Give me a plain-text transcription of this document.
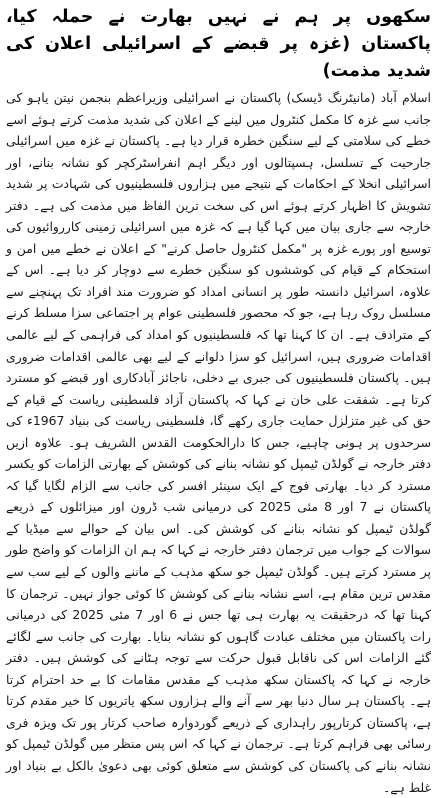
سکھوں پر ہم نے نہیں بھارت نے حملہ کیا، پاکستان (غزہ پر قبضے کے اسرائیلی اعلان کی شدید مذمت)

اسلام آباد (مانیٹرنگ ڈیسک) پاکستان نے اسرائیلی وزیراعظم بنجمن نیتن یاہو کی جانب سے غزہ کا مکمل کنٹرول میں لینے کے اعلان کی شدید مذمت کرتے ہوئے اسے خطے کی سلامتی کے لیے سنگین خطرہ قرار دیا ہے۔ پاکستان نے غزہ میں اسرائیلی جارحیت کے تسلسل، ہسپتالوں اور دیگر اہم انفراسٹرکچر کو نشانہ بنانے، اور اسرائیلی انخلا کے احکامات کے نتیجے میں ہزاروں فلسطینیوں کی شہادت پر شدید تشویش کا اظہار کرتے ہوئے اس کی سخت ترین الفاظ میں مذمت کی ہے۔ دفتر خارجہ سے جاری بیان میں کہا گیا ہے کہ غزہ میں اسرائیلی زمینی کارروائیوں کی توسیع اور پورے غزہ پر "مکمل کنٹرول حاصل کرنے" کے اعلان نے خطے میں امن و استحکام کے قیام کی کوششوں کو سنگین خطرے سے دوچار کر دیا ہے۔ اس کے علاوہ، اسرائیل دانستہ طور پر انسانی امداد کو ضرورت مند افراد تک پہنچنے سے مسلسل روک رہا ہے، جو کہ محصور فلسطینی عوام پر اجتماعی سزا مسلط کرنے کے مترادف ہے۔ ان کا کہنا تھا کہ فلسطینیوں کو امداد کی فراہمی کے لیے عالمی اقدامات ضروری ہیں، اسرائیل کو سزا دلوانے کے لیے بھی عالمی اقدامات ضروری ہیں۔ پاکستان فلسطینیوں کی جبری بے دخلی، ناجائز آبادکاری اور قبضے کو مسترد کرتا ہے۔ شفقت علی خان نے کہا کہ پاکستان آزاد فلسطینی ریاست کے قیام کے حق کی غیر متزلزل حمایت جاری رکھے گا، فلسطینی ریاست کی بنیاد 1967ء کی سرحدوں پر ہونی چاہیے، جس کا دارالحکومت القدس الشریف ہو۔ علاوہ ازیں دفتر خارجہ نے گولڈن ٹیمپل کو نشانہ بنانے کی کوشش کے بھارتی الزامات کو یکسر مسترد کر دیا۔ بھارتی فوج کے ایک سینئر افسر کی جانب سے الزام لگایا گیا کہ پاکستان نے 7 اور 8 مئی 2025 کی درمیانی شب ڈرون اور میزائلوں کے ذریعے گولڈن ٹیمپل کو نشانہ بنانے کی کوشش کی۔ اس بیان کے حوالے سے میڈیا کے سوالات کے جواب میں ترجمان دفتر خارجہ نے کہا کہ ہم ان الزامات کو واضح طور پر مسترد کرتے ہیں۔ گولڈن ٹیمپل جو سکھ مذہب کے ماننے والوں کے لیے سب سے مقدس ترین مقام ہے، اسے نشانہ بنانے کی کوشش کا کوئی جواز نہیں۔ ترجمان کا کہنا تھا کہ درحقیقت یہ بھارت ہی تھا جس نے 6 اور 7 مئی 2025 کی درمیانی رات پاکستان میں مختلف عبادت گاہوں کو نشانہ بنایا۔ بھارت کی جانب سے لگائے گئے الزامات اس کی ناقابل قبول حرکت سے توجہ ہٹانے کی کوشش ہیں۔ دفتر خارجہ نے کہا کہ پاکستان سکھ مذہب کے مقدس مقامات کا بے حد احترام کرتا ہے۔ پاکستان ہر سال دنیا بھر سے آنے والے ہزاروں سکھ یاتریوں کا خیر مقدم کرتا ہے، پاکستان کرتارپور راہداری کے ذریعے گوردوارہ صاحب کرتار پور تک ویزہ فری رسائی بھی فراہم کرتا ہے۔ ترجمان نے کہا کہ اس پس منظر میں گولڈن ٹیمپل کو نشانہ بنانے کی پاکستان کی کوشش سے متعلق کوئی بھی دعویٰ بالکل بے بنیاد اور غلط ہے۔
